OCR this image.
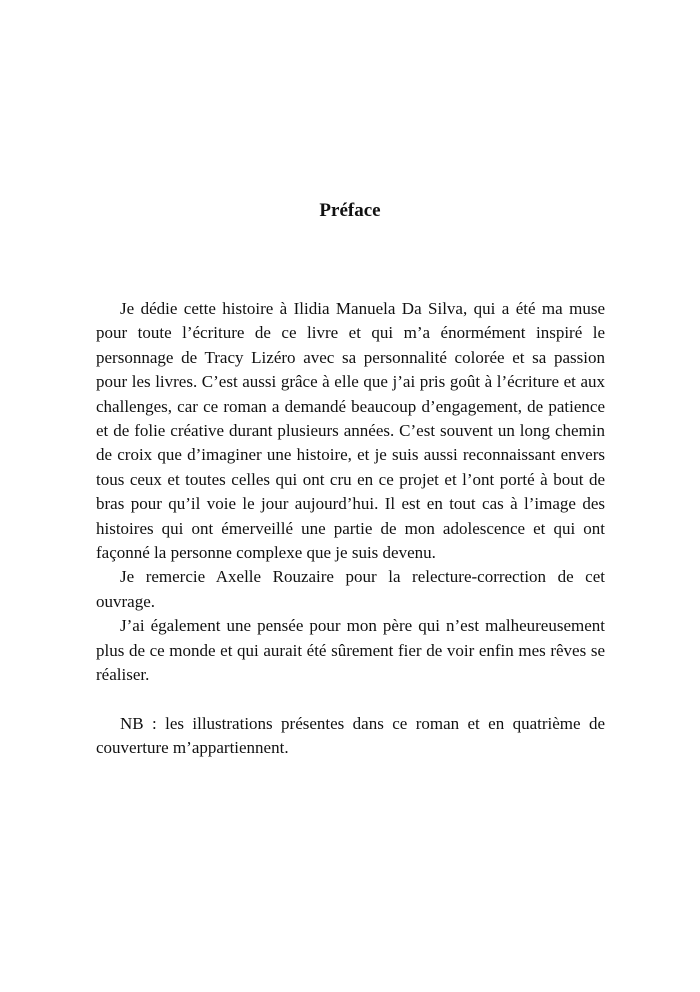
Préface

Je dédie cette histoire à Ilidia Manuela Da Silva, qui a été ma muse pour toute l’écriture de ce livre et qui m’a énormément inspiré le personnage de Tracy Lizéro avec sa personnalité colorée et sa passion pour les livres. C’est aussi grâce à elle que j’ai pris goût à l’écriture et aux challenges, car ce roman a demandé beaucoup d’engagement, de patience et de folie créative durant plusieurs années. C’est souvent un long chemin de croix que d’imaginer une histoire, et je suis aussi reconnaissant envers tous ceux et toutes celles qui ont cru en ce projet et l’ont porté à bout de bras pour qu’il voie le jour aujourd’hui. Il est en tout cas à l’image des histoires qui ont émerveillé une partie de mon adolescence et qui ont façonné la personne complexe que je suis devenu.

Je remercie Axelle Rouzaire pour la relecture-correction de cet ouvrage.

J’ai également une pensée pour mon père qui n’est malheureusement plus de ce monde et qui aurait été sûrement fier de voir enfin mes rêves se réaliser.

NB : les illustrations présentes dans ce roman et en quatrième de couverture m’appartiennent.
